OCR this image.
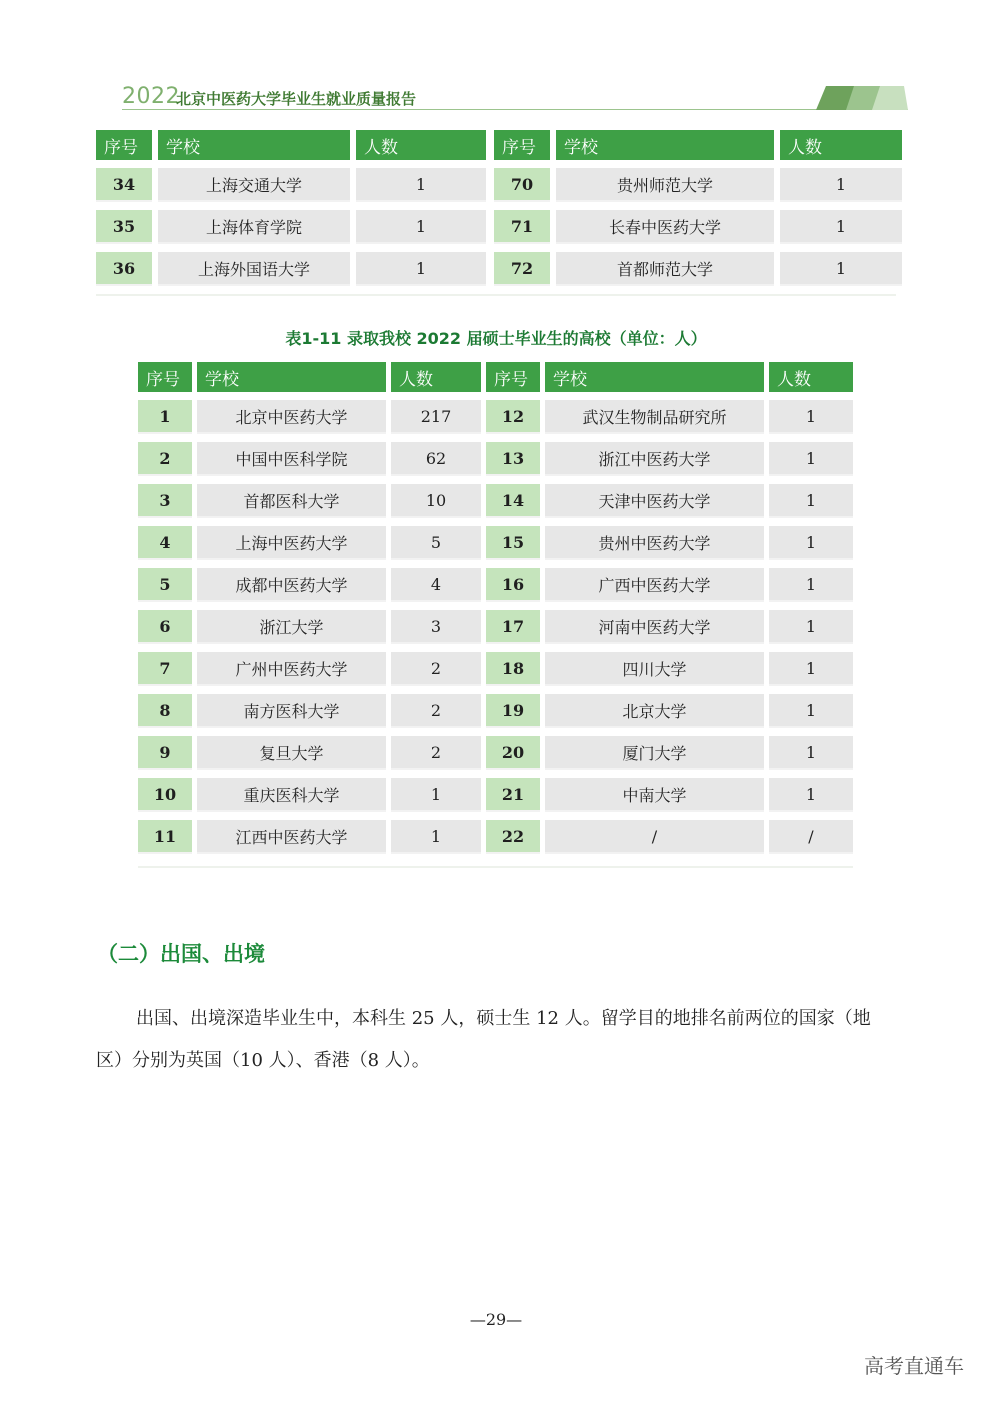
2022
北京中医药大学毕业生就业质量报告
序号		学校		人数		序号		学校		人数

34		上海交通大学		1		70		贵州师范大学		1

35		上海体育学院		1		71		长春中医药大学		1

36		上海外国语大学		1		72		首都师范大学		1
表1-11 录取我校 2022 届硕士毕业生的高校（单位：人）
序号		学校		人数		序号		学校		人数

1		北京中医药大学		217		12		武汉生物制品研究所		1

2		中国中医科学院		62		13		浙江中医药大学		1

3		首都医科大学		10		14		天津中医药大学		1

4		上海中医药大学		5		15		贵州中医药大学		1

5		成都中医药大学		4		16		广西中医药大学		1

6		浙江大学		3		17		河南中医药大学		1

7		广州中医药大学		2		18		四川大学		1

8		南方医科大学		2		19		北京大学		1

9		复旦大学		2		20		厦门大学		1

10		重庆医科大学		1		21		中南大学		1

11		江西中医药大学		1		22		/		/
（二）出国、出境

出国、出境深造毕业生中，本科生 25 人，硕士生 12 人。留学目的地排名前两位的国家（地区）分别为英国（10 人）、香港（8 人）。

—29—
高考直通车
